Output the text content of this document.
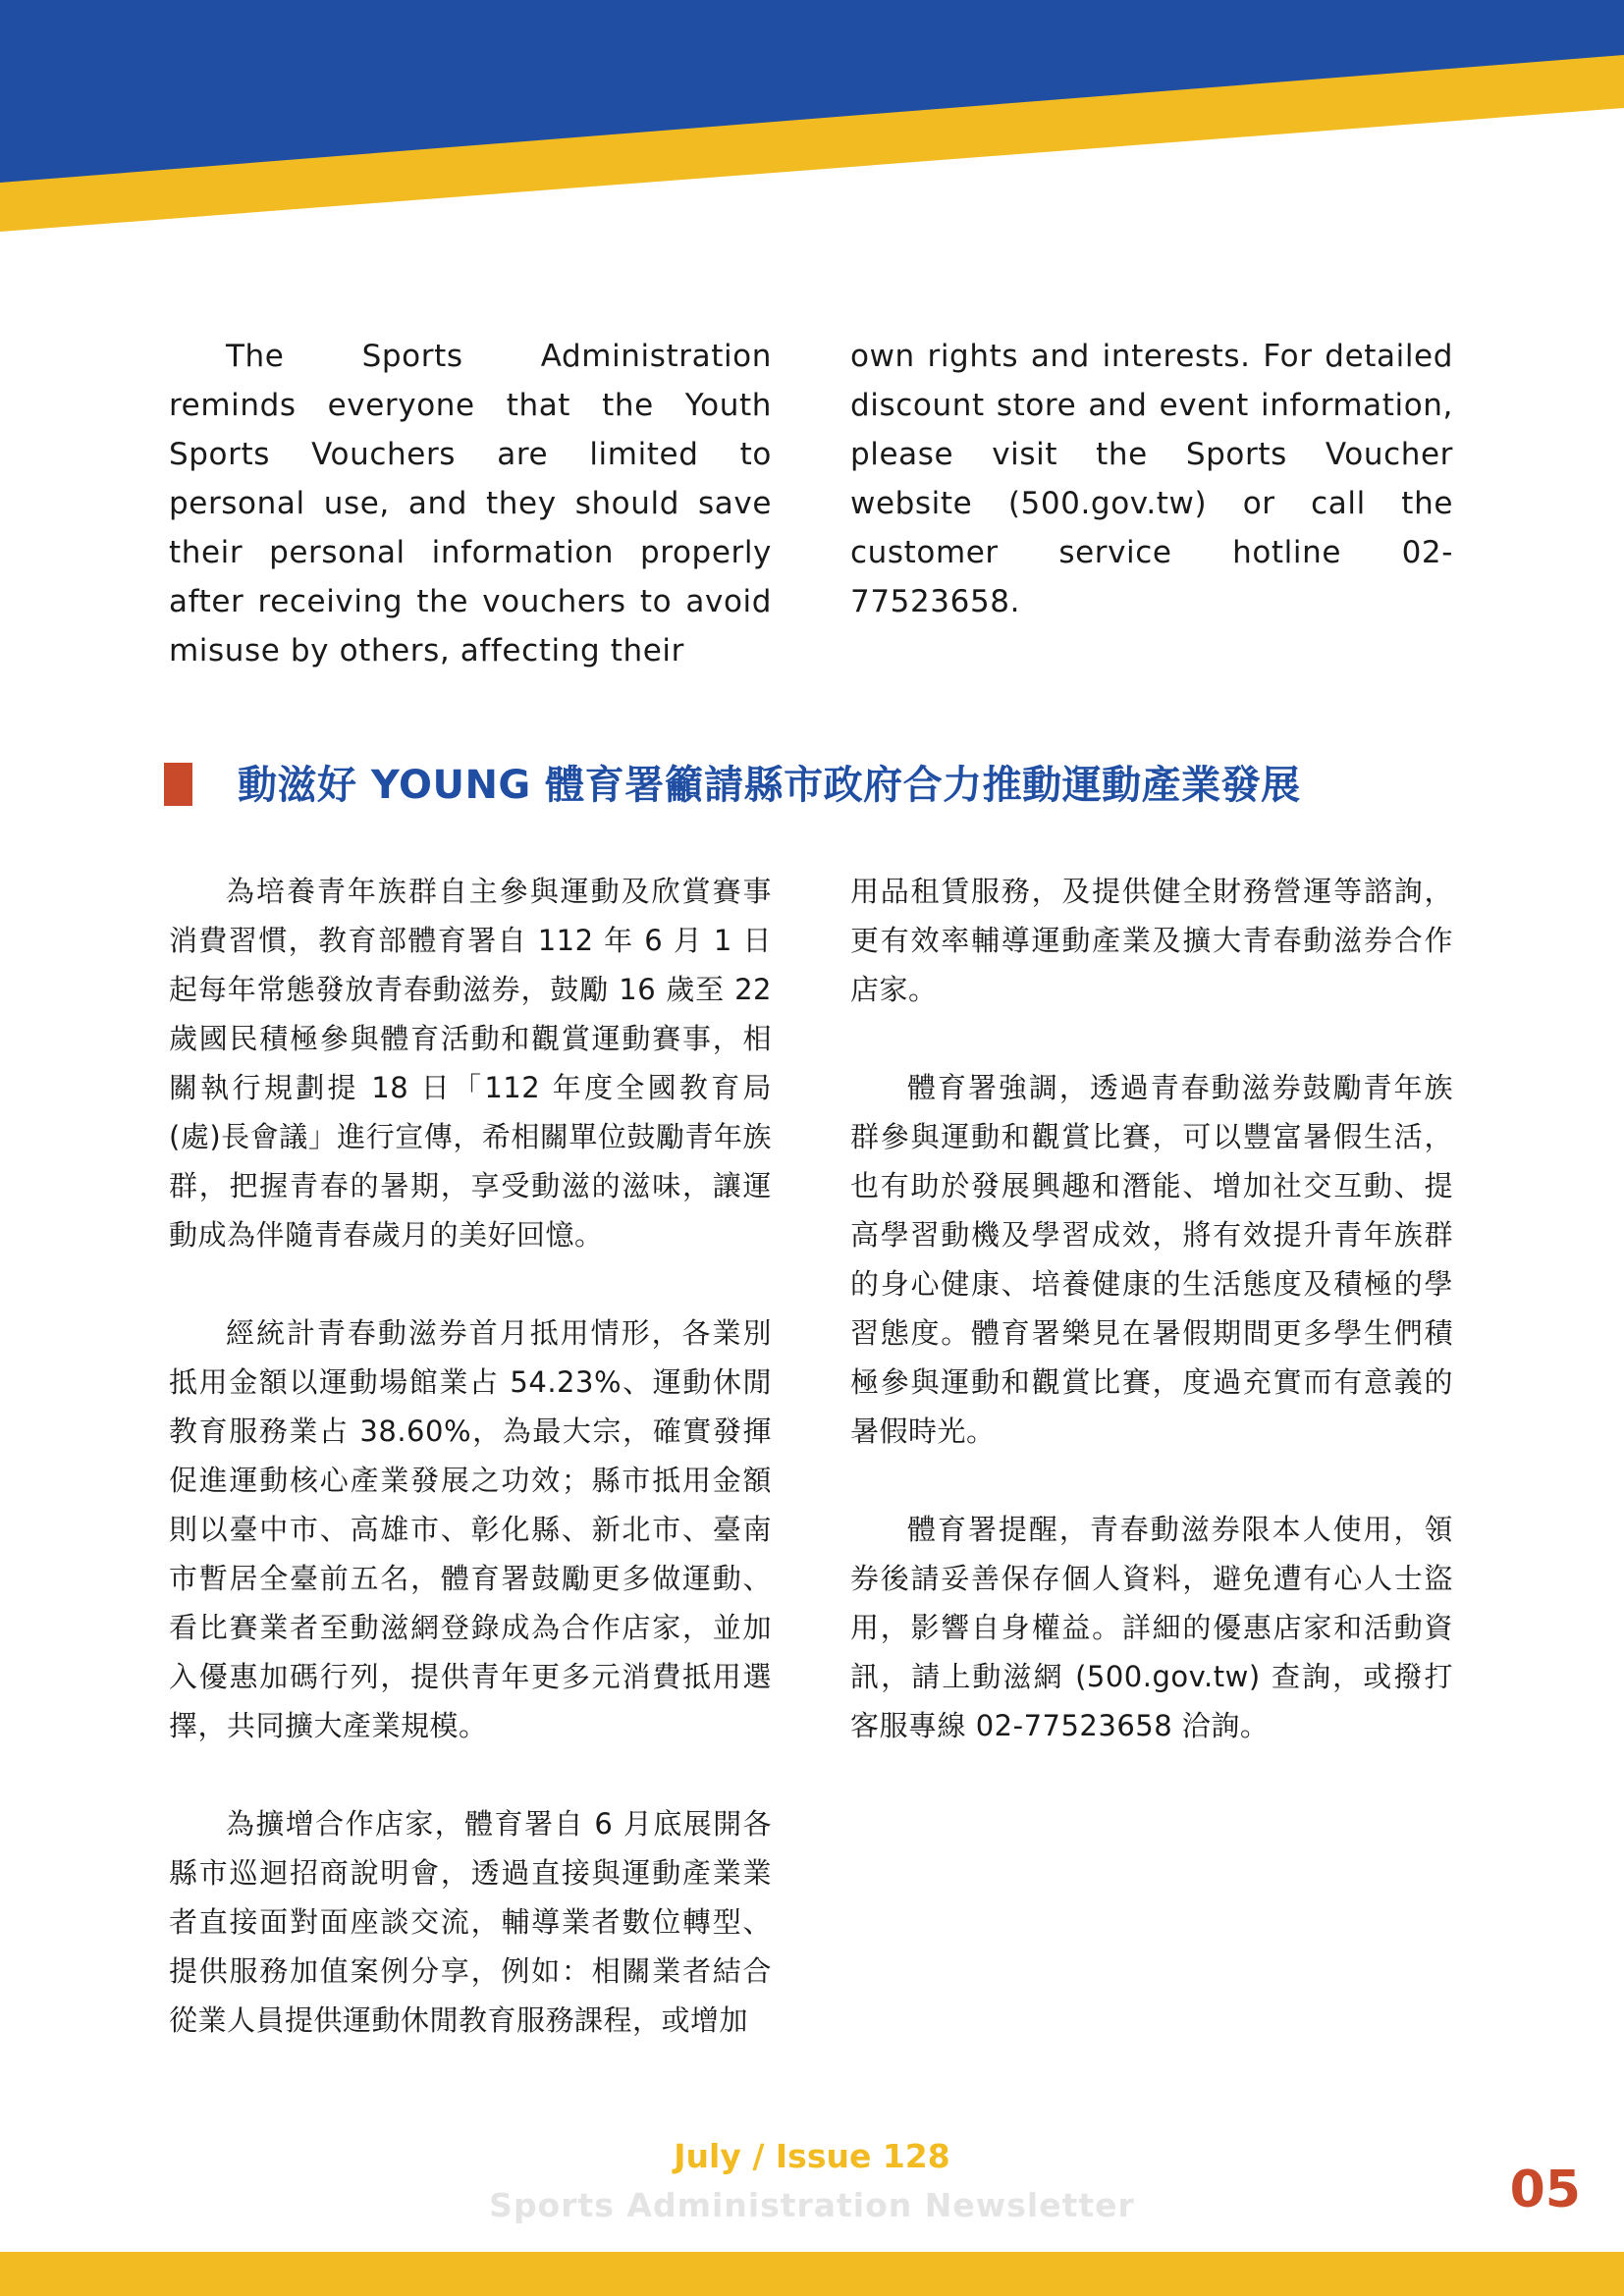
The Sports Administration reminds everyone that the Youth Sports Vouchers are limited to personal use, and they should save their personal information properly after receiving the vouchers to avoid misuse by others, affecting their

own rights and interests. For detailed discount store and event information, please visit the Sports Voucher website (500.gov.tw) or call the customer service hotline 02-77523658.

動滋好 YOUNG 體育署籲請縣市政府合力推動運動產業發展

為培養青年族群自主參與運動及欣賞賽事消費習慣，教育部體育署自 112 年 6 月 1 日起每年常態發放青春動滋券，鼓勵 16 歲至 22 歲國民積極參與體育活動和觀賞運動賽事，相關執行規劃提 18 日「112 年度全國教育局(處)長會議」進行宣傳，希相關單位鼓勵青年族群，把握青春的暑期，享受動滋的滋味，讓運動成為伴隨青春歲月的美好回憶。

經統計青春動滋券首月抵用情形，各業別抵用金額以運動場館業占 54.23%、運動休閒教育服務業占 38.60%，為最大宗，確實發揮促進運動核心產業發展之功效；縣市抵用金額則以臺中市、高雄市、彰化縣、新北市、臺南市暫居全臺前五名，體育署鼓勵更多做運動、看比賽業者至動滋網登錄成為合作店家，並加入優惠加碼行列，提供青年更多元消費抵用選擇，共同擴大產業規模。

為擴增合作店家，體育署自 6 月底展開各縣市巡迴招商說明會，透過直接與運動產業業者直接面對面座談交流，輔導業者數位轉型、提供服務加值案例分享，例如：相關業者結合從業人員提供運動休閒教育服務課程，或增加

用品租賃服務，及提供健全財務營運等諮詢，更有效率輔導運動產業及擴大青春動滋券合作店家。

體育署強調，透過青春動滋券鼓勵青年族群參與運動和觀賞比賽，可以豐富暑假生活，也有助於發展興趣和潛能、增加社交互動、提高學習動機及學習成效，將有效提升青年族群的身心健康、培養健康的生活態度及積極的學習態度。體育署樂見在暑假期間更多學生們積極參與運動和觀賞比賽，度過充實而有意義的暑假時光。

體育署提醒，青春動滋券限本人使用，領券後請妥善保存個人資料，避免遭有心人士盜用，影響自身權益。詳細的優惠店家和活動資訊，請上動滋網 (500.gov.tw) 查詢，或撥打客服專線 02-77523658 洽詢。

July / Issue 128
Sports Administration Newsletter	05
